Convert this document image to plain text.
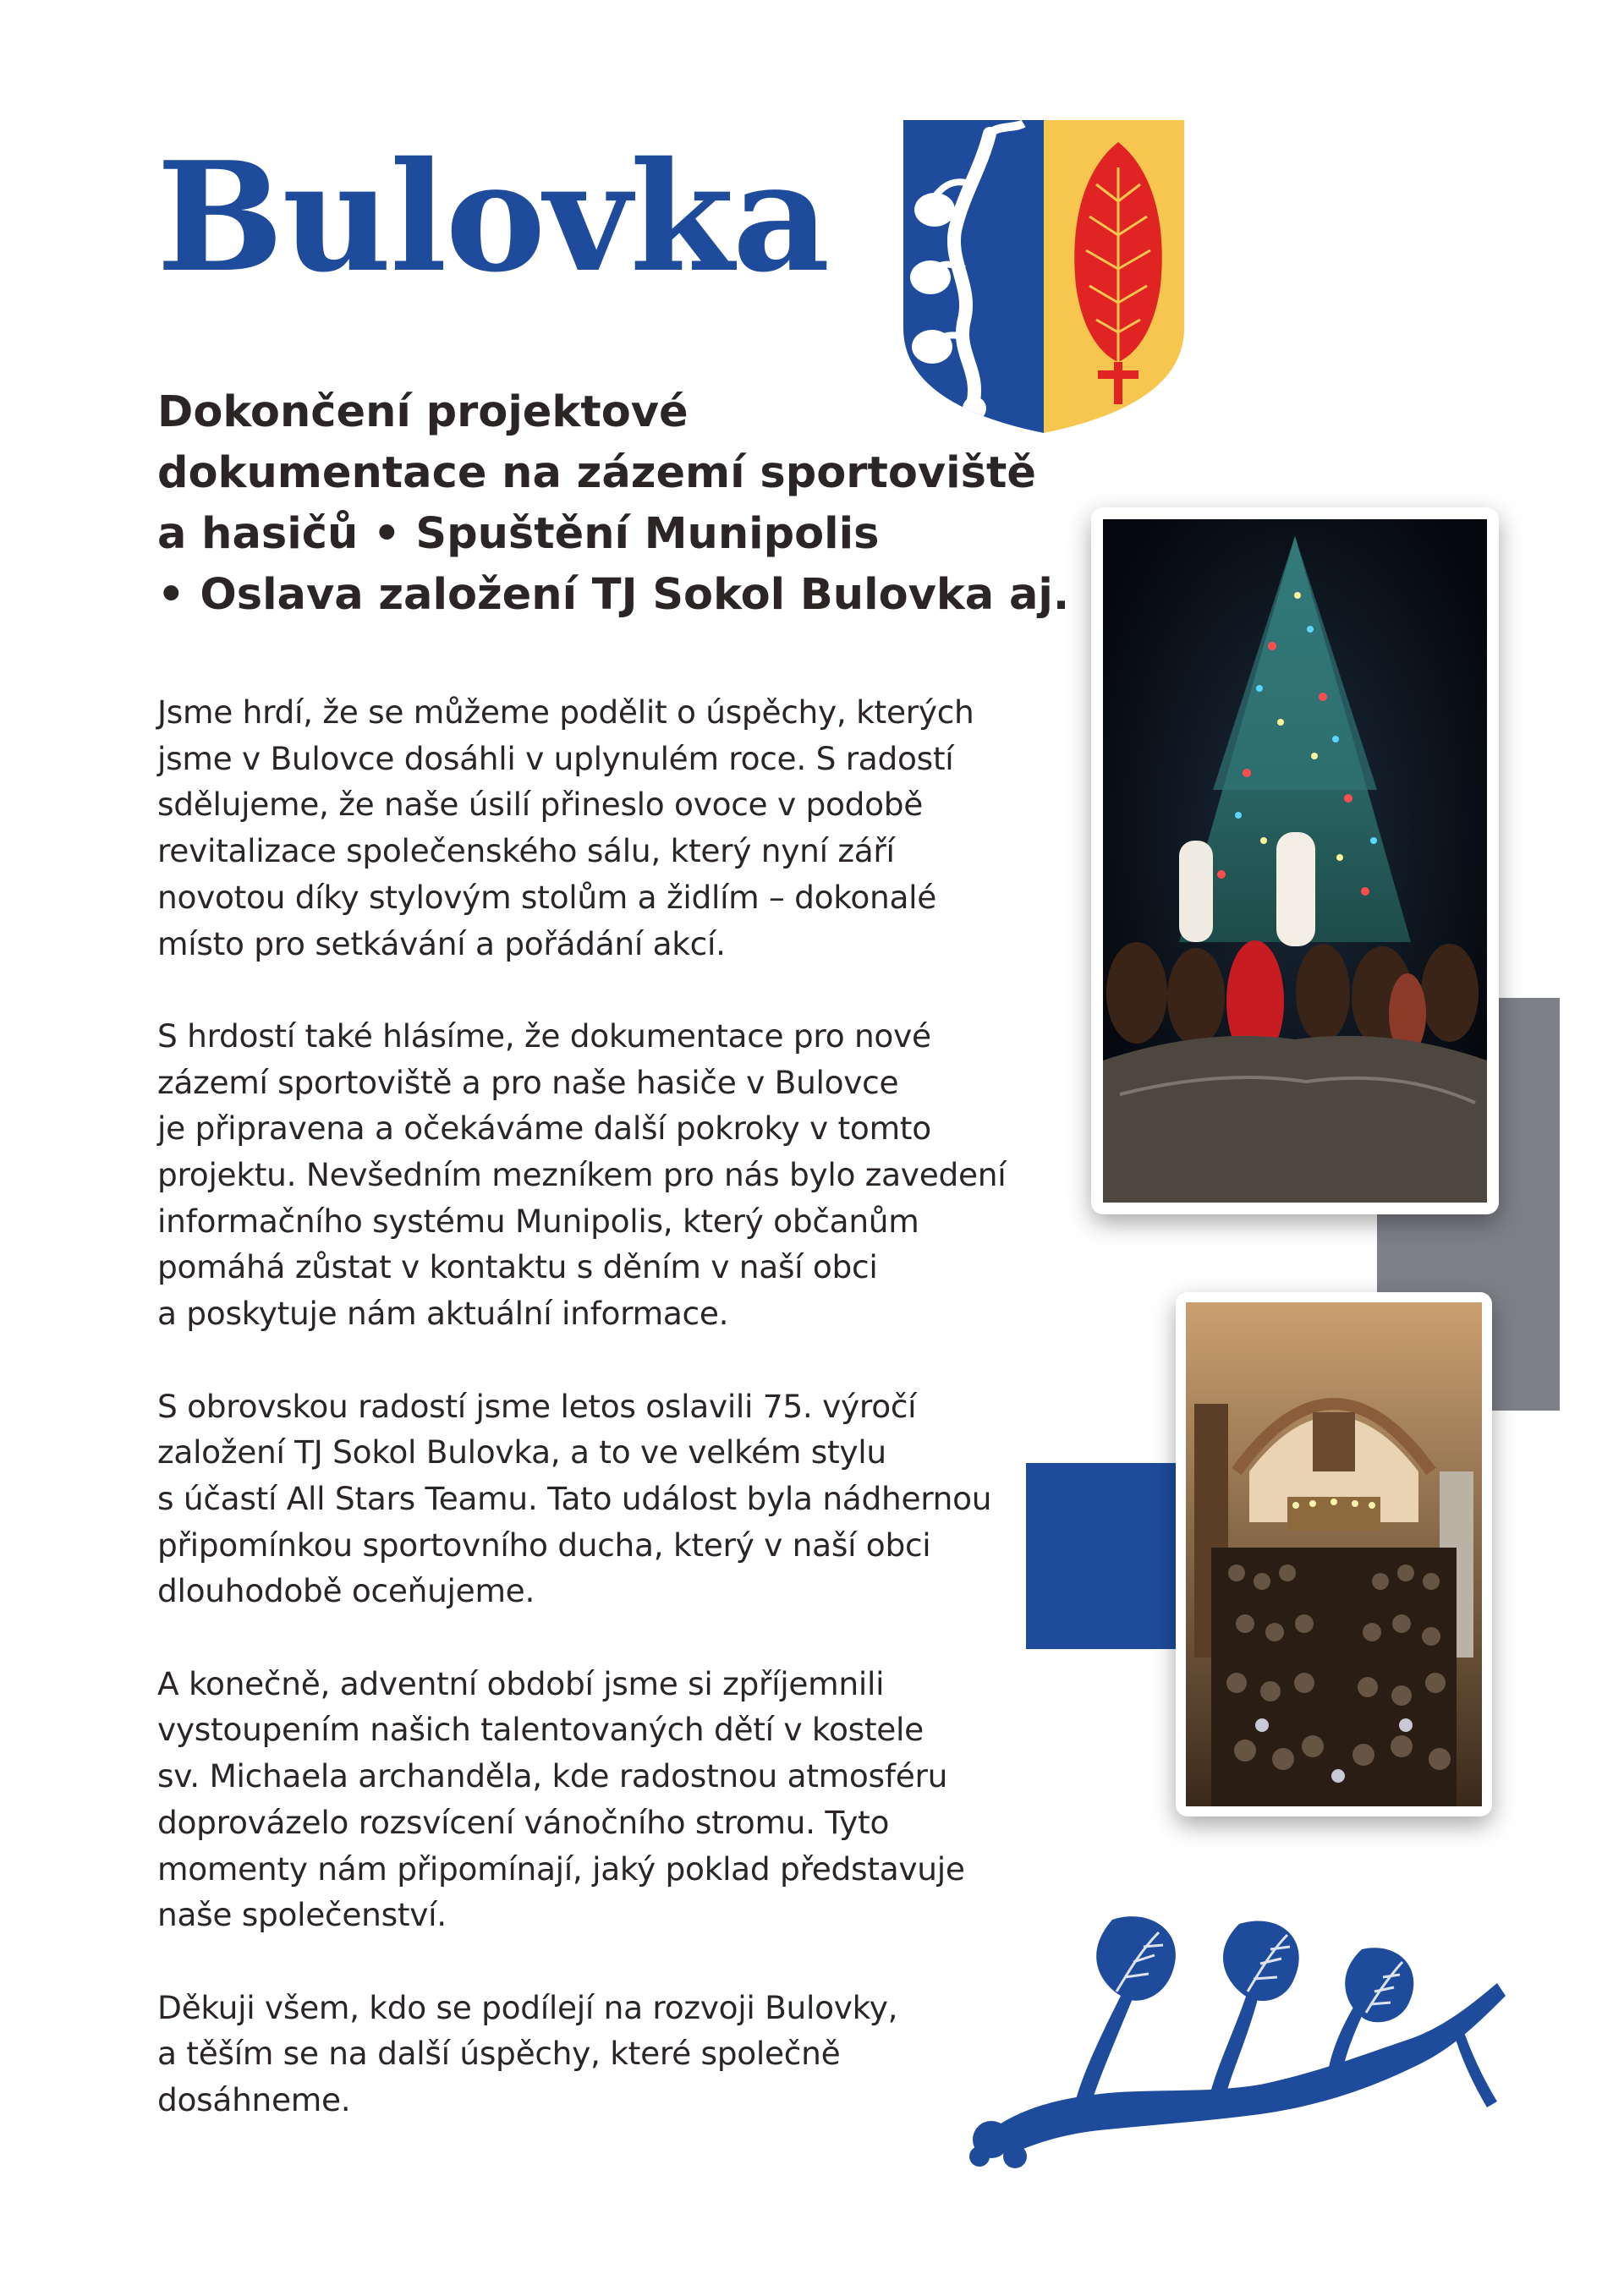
Bulovka
Dokončení projektové
dokumentace na zázemí sportoviště
a hasičů • Spuštění Munipolis
• Oslava založení TJ Sokol Bulovka aj.

Jsme hrdí, že se můžeme podělit o úspěchy, kterých
jsme v Bulovce dosáhli v uplynulém roce. S radostí
sdělujeme, že naše úsilí přineslo ovoce v podobě
revitalizace společenského sálu, který nyní září
novotou díky stylovým stolům a židlím – dokonalé
místo pro setkávání a pořádání akcí.

S hrdostí také hlásíme, že dokumentace pro nové
zázemí sportoviště a pro naše hasiče v Bulovce
je připravena a očekáváme další pokroky v tomto
projektu. Nevšedním mezníkem pro nás bylo zavedení
informačního systému Munipolis, který občanům
pomáhá zůstat v kontaktu s děním v naší obci
a poskytuje nám aktuální informace.

S obrovskou radostí jsme letos oslavili 75. výročí
založení TJ Sokol Bulovka, a to ve velkém stylu
s účastí All Stars Teamu. Tato událost byla nádhernou
připomínkou sportovního ducha, který v naší obci
dlouhodobě oceňujeme.

A konečně, adventní období jsme si zpříjemnili
vystoupením našich talentovaných dětí v kostele
sv. Michaela archanděla, kde radostnou atmosféru
doprovázelo rozsvícení vánočního stromu. Tyto
momenty nám připomínají, jaký poklad představuje
naše společenství.

Děkuji všem, kdo se podílejí na rozvoji Bulovky,
a těším se na další úspěchy, které společně
dosáhneme.
